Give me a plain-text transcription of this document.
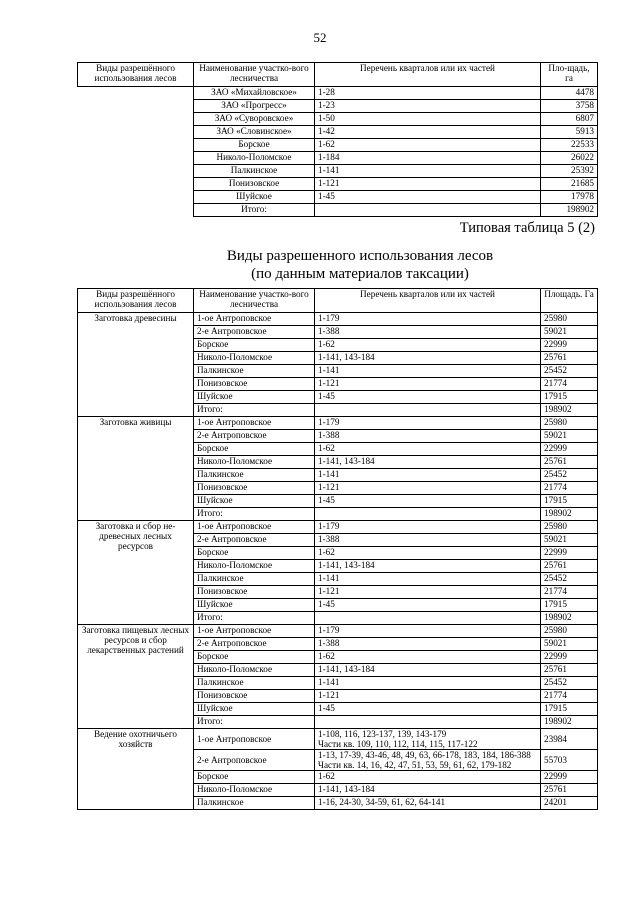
52
Виды разрешённого использования лесов	Наименование участко-вого лесничества	Перечень кварталов или их частей	Пло-щадь, га
	ЗАО «Михайловское»	1-28	4478
	ЗАО «Прогресс»	1-23	3758
	ЗАО «Суворовское»	1-50	6807
	ЗАО «Словинское»	1-42	5913
	Борское	1-62	22533
	Николо-Поломское	1-184	26022
	Палкинское	1-141	25392
	Понизовское	1-121	21685
	Шуйское	1-45	17978
	Итого:		198902
Типовая таблица 5 (2)
Виды разрешенного использования лесов
(по данным материалов таксации)
Виды разрешённого использования лесов	Наименование участко-вого лесничества	Перечень кварталов или их частей	Площадь. Га
Заготовка древесины	1-ое Антроповское	1-179	25980
	2-е Антроповское	1-388	59021
	Борское	1-62	22999
	Николо-Поломское	1-141, 143-184	25761
	Палкинское	1-141	25452
	Понизовское	1-121	21774
	Шуйское	1-45	17915
	Итого:		198902
Заготовка живицы	1-ое Антроповское	1-179	25980
	2-е Антроповское	1-388	59021
	Борское	1-62	22999
	Николо-Поломское	1-141, 143-184	25761
	Палкинское	1-141	25452
	Понизовское	1-121	21774
	Шуйское	1-45	17915
	Итого:		198902
Заготовка и сбор не-древесных лесных ресурсов	1-ое Антроповское	1-179	25980
	2-е Антроповское	1-388	59021
	Борское	1-62	22999
	Николо-Поломское	1-141, 143-184	25761
	Палкинское	1-141	25452
	Понизовское	1-121	21774
	Шуйское	1-45	17915
	Итого:		198902
Заготовка пищевых лесных ресурсов и сбор лекарственных растений	1-ое Антроповское	1-179	25980
	2-е Антроповское	1-388	59021
	Борское	1-62	22999
	Николо-Поломское	1-141, 143-184	25761
	Палкинское	1-141	25452
	Понизовское	1-121	21774
	Шуйское	1-45	17915
	Итого:		198902
Ведение охотничьего хозяйств	1-ое Антроповское	1-108, 116, 123-137, 139, 143-179
Части кв. 109, 110, 112, 114, 115, 117-122	23984
	2-е Антроповское	1-13, 17-39, 43-46, 48, 49, 63, 66-178, 183, 184, 186-388
Части кв. 14, 16, 42, 47, 51, 53, 59, 61, 62, 179-182	55703
	Борское	1-62	22999
	Николо-Поломское	1-141, 143-184	25761
	Палкинское	1-16, 24-30, 34-59, 61, 62, 64-141	24201
